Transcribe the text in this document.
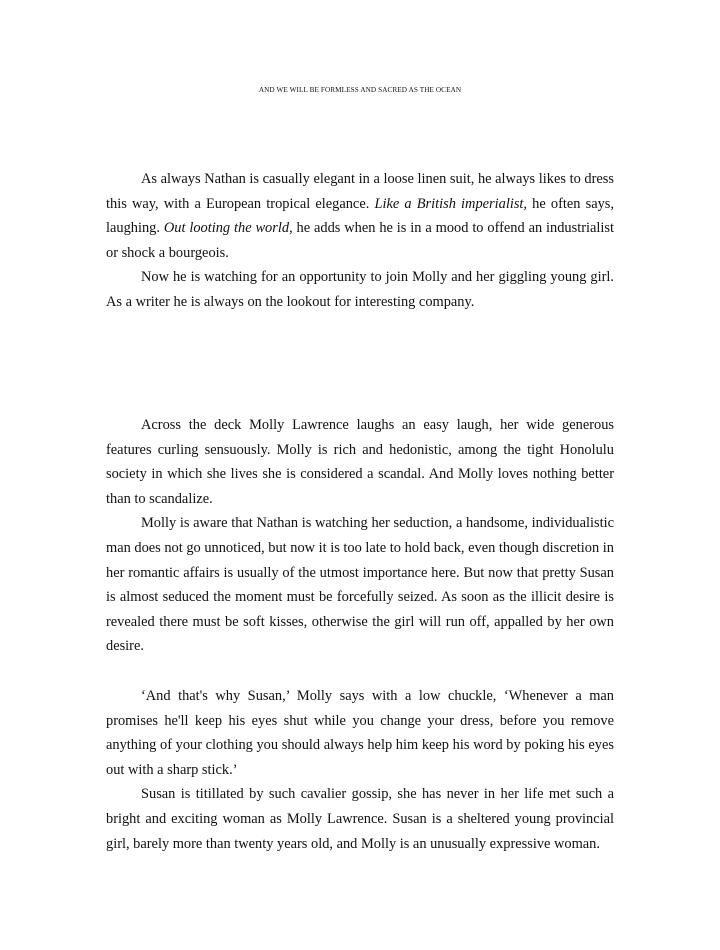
AND WE WILL BE FORMLESS AND SACRED AS THE OCEAN

As always Nathan is casually elegant in a loose linen suit, he always likes to dress this way, with a European tropical elegance. Like a British imperialist, he often says, laughing. Out looting the world, he adds when he is in a mood to offend an industrialist or shock a bourgeois.

Now he is watching for an opportunity to join Molly and her giggling young girl. As a writer he is always on the lookout for interesting company.

Across the deck Molly Lawrence laughs an easy laugh, her wide generous features curling sensuously. Molly is rich and hedonistic, among the tight Honolulu society in which she lives she is considered a scandal. And Molly loves nothing better than to scandalize.

Molly is aware that Nathan is watching her seduction, a handsome, individualistic man does not go unnoticed, but now it is too late to hold back, even though discretion in her romantic affairs is usually of the utmost importance here. But now that pretty Susan is almost seduced the moment must be forcefully seized. As soon as the illicit desire is revealed there must be soft kisses, otherwise the girl will run off, appalled by her own desire.

‘And that's why Susan,’ Molly says with a low chuckle, ‘Whenever a man promises he'll keep his eyes shut while you change your dress, before you remove anything of your clothing you should always help him keep his word by poking his eyes out with a sharp stick.’

Susan is titillated by such cavalier gossip, she has never in her life met such a bright and exciting woman as Molly Lawrence. Susan is a sheltered young provincial girl, barely more than twenty years old, and Molly is an unusually expressive woman.
